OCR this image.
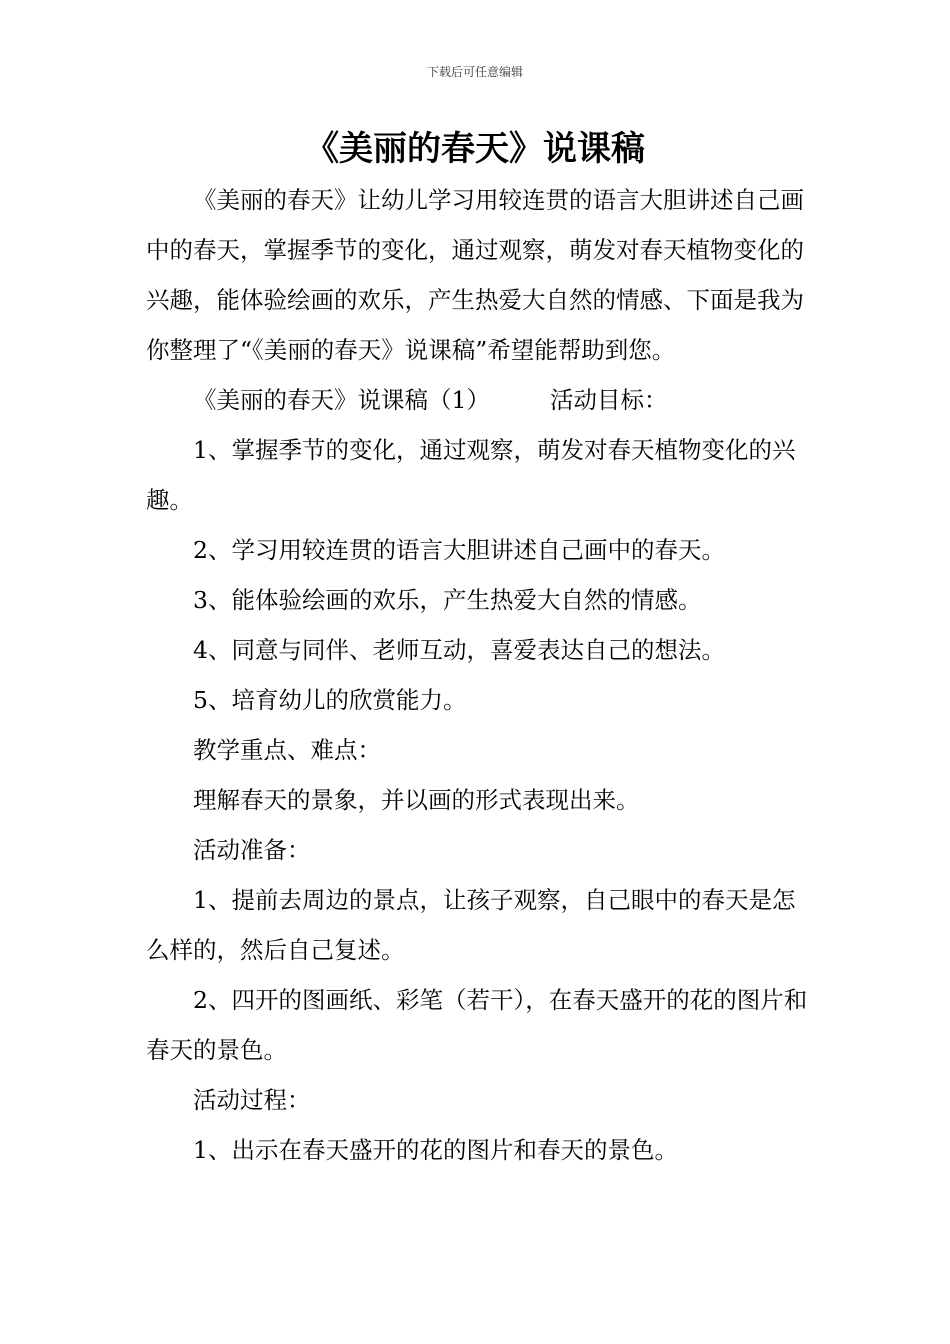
下载后可任意编辑
《美丽的春天》说课稿

《美丽的春天》让幼儿学习用较连贯的语言大胆讲述自己画中的春天，掌握季节的变化，通过观察，萌发对春天植物变化的兴趣，能体验绘画的欢乐，产生热爱大自然的情感、下面是我为你整理了“《美丽的春天》说课稿”希望能帮助到您。

《美丽的春天》说课稿（1）	活动目标：

1、掌握季节的变化，通过观察，萌发对春天植物变化的兴趣。

2、学习用较连贯的语言大胆讲述自己画中的春天。

3、能体验绘画的欢乐，产生热爱大自然的情感。

4、同意与同伴、老师互动，喜爱表达自己的想法。

5、培育幼儿的欣赏能力。

教学重点、难点：

理解春天的景象，并以画的形式表现出来。

活动准备：

1、提前去周边的景点，让孩子观察，自己眼中的春天是怎么样的，然后自己复述。

2、四开的图画纸、彩笔（若干），在春天盛开的花的图片和春天的景色。

活动过程：

1、出示在春天盛开的花的图片和春天的景色。
